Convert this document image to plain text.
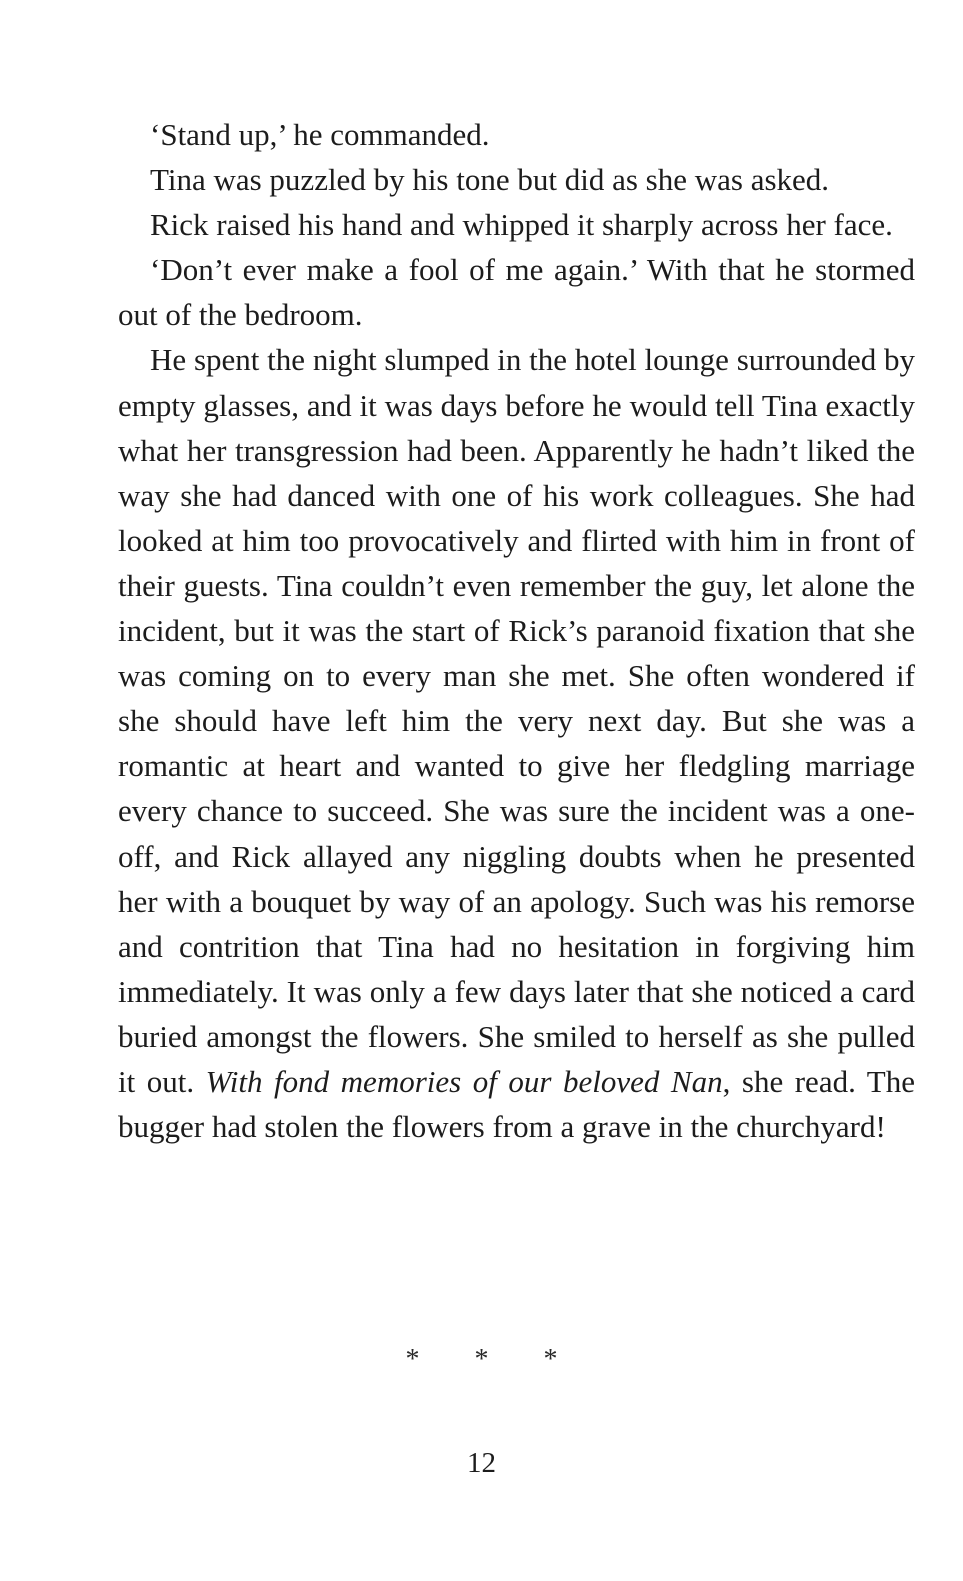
‘Stand up,’ he commanded.

Tina was puzzled by his tone but did as she was asked.

Rick raised his hand and whipped it sharply across her face.

‘Don’t ever make a fool of me again.’ With that he stormed out of the bedroom.

He spent the night slumped in the hotel lounge surrounded by empty glasses, and it was days before he would tell Tina exactly what her transgression had been. Apparently he hadn’t liked the way she had danced with one of his work colleagues. She had looked at him too provocatively and flirted with him in front of their guests. Tina couldn’t even remember the guy, let alone the incident, but it was the start of Rick’s paranoid fixation that she was coming on to every man she met. She often wondered if she should have left him the very next day. But she was a romantic at heart and wanted to give her fledgling marriage every chance to succeed. She was sure the incident was a one-off, and Rick allayed any niggling doubts when he presented her with a bouquet by way of an apology. Such was his remorse and contrition that Tina had no hesitation in forgiving him immediately. It was only a few days later that she noticed a card buried amongst the flowers. She smiled to herself as she pulled it out. With fond memories of our beloved Nan, she read. The bugger had stolen the flowers from a grave in the churchyard!

* * *
12
